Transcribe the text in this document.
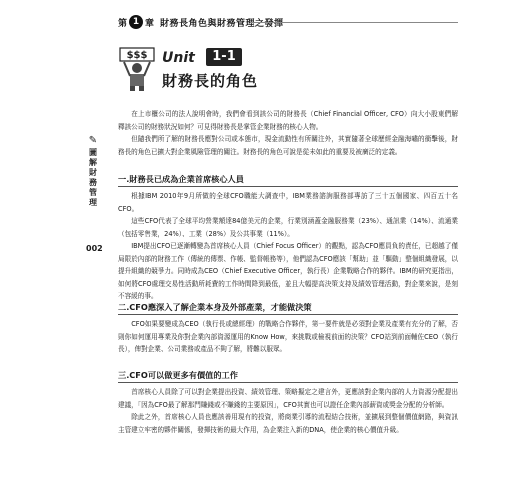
第 1 章 財務長角色與財務管理之發揮
✎
圖解財務管理
002
$$$ Unit	1-1
財務長的角色

在上市櫃公司的法人說明會時，我們會看到該公司的財務長（Chief Financial Officer, CFO）向大小股東們解釋該公司的財務狀況如何？可見得財務長是掌管企業財務的核心人物。

但隨我們所了解的財務長應對公司或本態市，現金流動性有所關注外，其實隨著全球歷經金融海嘯的衝擊後，財務長的角色已擴大對企業風險管理的關注。財務長的角色可說是從未如此的重要及被廣泛的定義。

一.財務長已成為企業首席核心人員

根據IBM 2010年9月所做的全球CFO職能大調查中，IBM業務諮詢服務部專訪了三十五個國家、四百五十名CFO。

這些CFO代表了全球平均營業額達84億美元的企業，行業別涵蓋金融服務業（23%）、通訊業（14%）、流通業（包括零售業，24%）、工業（28%）及公共事業（11%）。

IBM提出CFO已逐漸轉變為首席核心人員（Chief Focus Officer）的觀點，認為CFO應員負的責任，已超越了僅局限於內部的財務工作（傳統的傳票、作帳、監督帳務等），他們認為CFO應該「幫助」並「驅動」整個組織發展，以提升組織的競爭力。同時成為CEO（Chief Executive Officer，執行長）企業戰略合作的夥伴。IBM的研究更指出，如何將CFO處理交易性活動所耗費的工作時間降到最低，並且大幅提高決策支持及績效管理活動，對企業來說，是刻不容緩的事。

二.CFO應深入了解企業本身及外部產業，才能做決策

CFO如果要變成為CEO（執行長或總經理）的戰略合作夥伴，第一要件就是必須對企業及產業有充分的了解，否則你如何運用專業及你對企業內部資源運用的Know How，來挑戰或檢視前面的決策？CFO站到前面輔佐CEO（執行長），俾對企業、公司業務或產品不夠了解，將難以服眾。

三.CFO可以做更多有價值的工作

首席核心人員除了可以對企業提出投資、績效管理、策略擬定之建言外，更應該對企業內部的人力資源分配提出建議，「因為CFO最了解那門賺錢或不賺錢的主要原因」，CFO其實也可以證任企業內部薪資或獎金分配的分析師。

除此之外，首席核心人員也應該善用現有的投資，將商業引導的流程結合技術，並擴展到整個價值網路，與資訊主管建立牢密的夥伴關係，發揮技術的最大作用，為企業注入新的DNA，使企業的核心價值升級。
